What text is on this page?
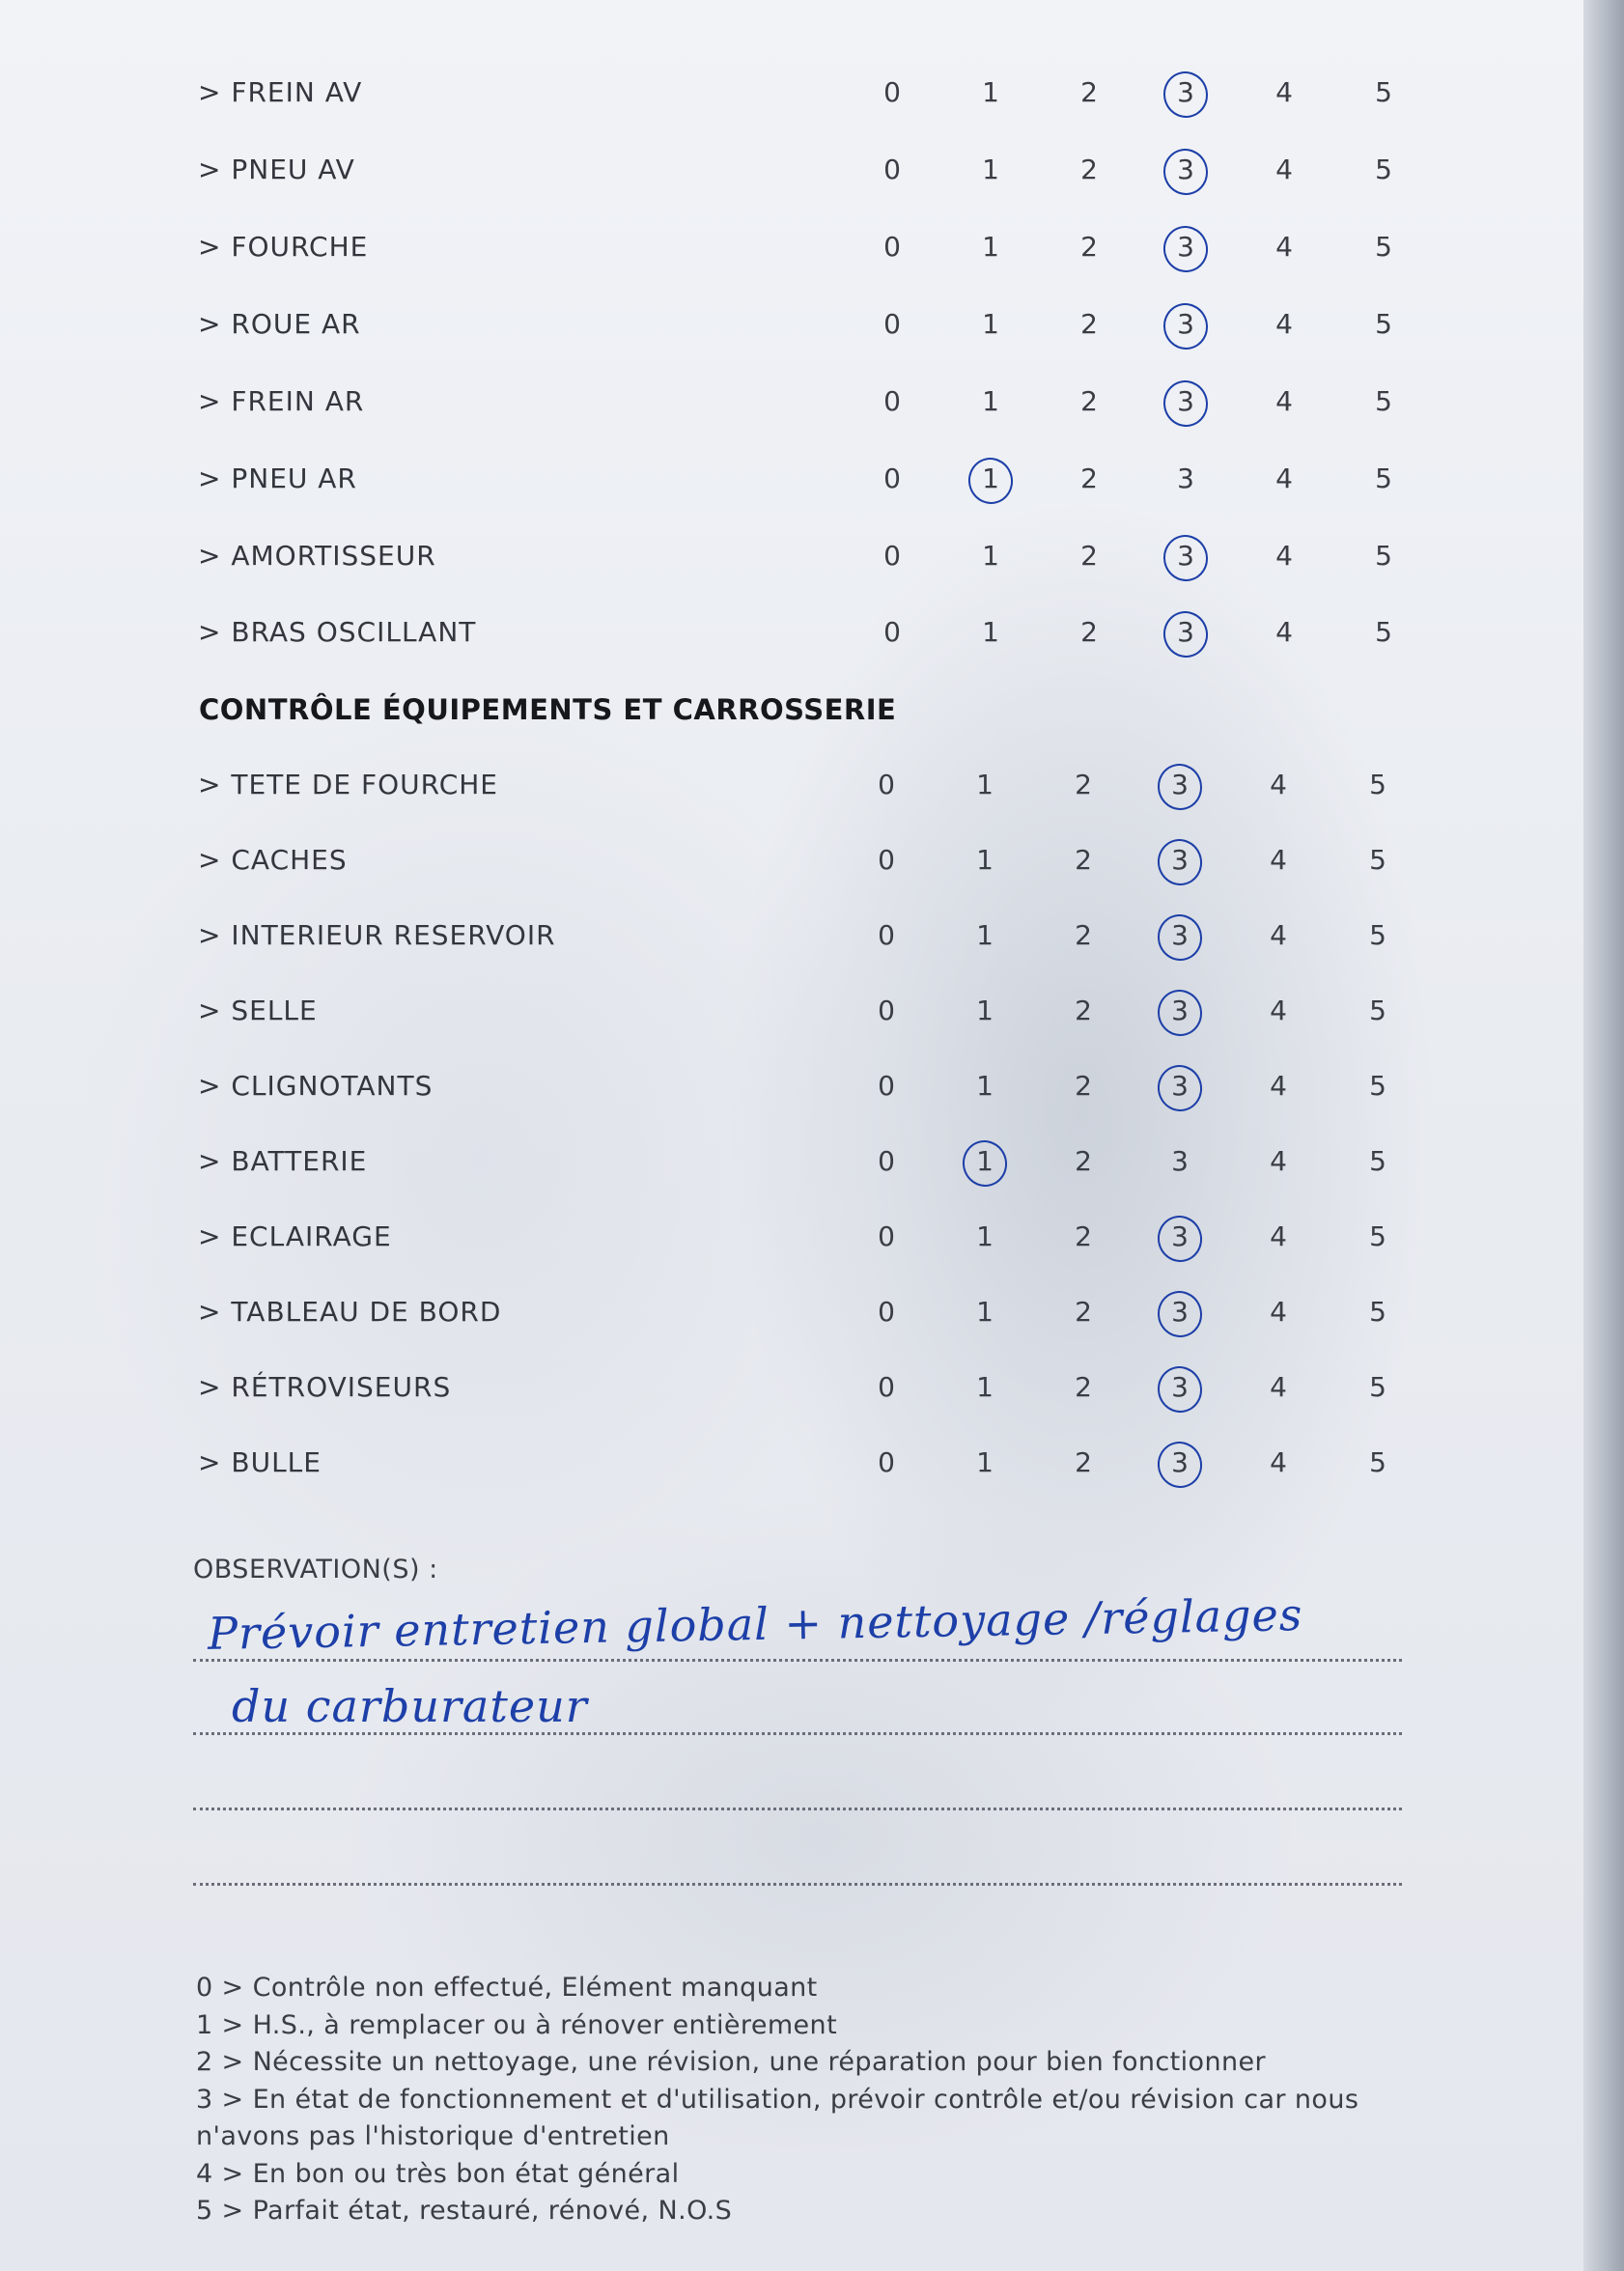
> FREIN AV	0	1	2	3	4	5
> PNEU AV	0	1	2	3	4	5
> FOURCHE	0	1	2	3	4	5
> ROUE AR	0	1	2	3	4	5
> FREIN AR	0	1	2	3	4	5
> PNEU AR	0	1	2	3	4	5
> AMORTISSEUR	0	1	2	3	4	5
> BRAS OSCILLANT	0	1	2	3	4	5
> TETE DE FOURCHE	0	1	2	3	4	5
> CACHES	0	1	2	3	4	5
> INTERIEUR RESERVOIR	0	1	2	3	4	5
> SELLE	0	1	2	3	4	5
> CLIGNOTANTS	0	1	2	3	4	5
> BATTERIE	0	1	2	3	4	5
> ECLAIRAGE	0	1	2	3	4	5
> TABLEAU DE BORD	0	1	2	3	4	5
> RÉTROVISEURS	0	1	2	3	4	5
> BULLE	0	1	2	3	4	5
CONTRÔLE ÉQUIPEMENTS ET CARROSSERIE
OBSERVATION(S) :
Prévoir entretien global + nettoyage /réglages
du carburateur
0 > Contrôle non effectué, Elément manquant
1 > H.S., à remplacer ou à rénover entièrement
2 > Nécessite un nettoyage, une révision, une réparation pour bien fonctionner
3 > En état de fonctionnement et d'utilisation, prévoir contrôle et/ou révision car nous n'avons pas l'historique d'entretien
4 > En bon ou très bon état général
5 > Parfait état, restauré, rénové, N.O.S
